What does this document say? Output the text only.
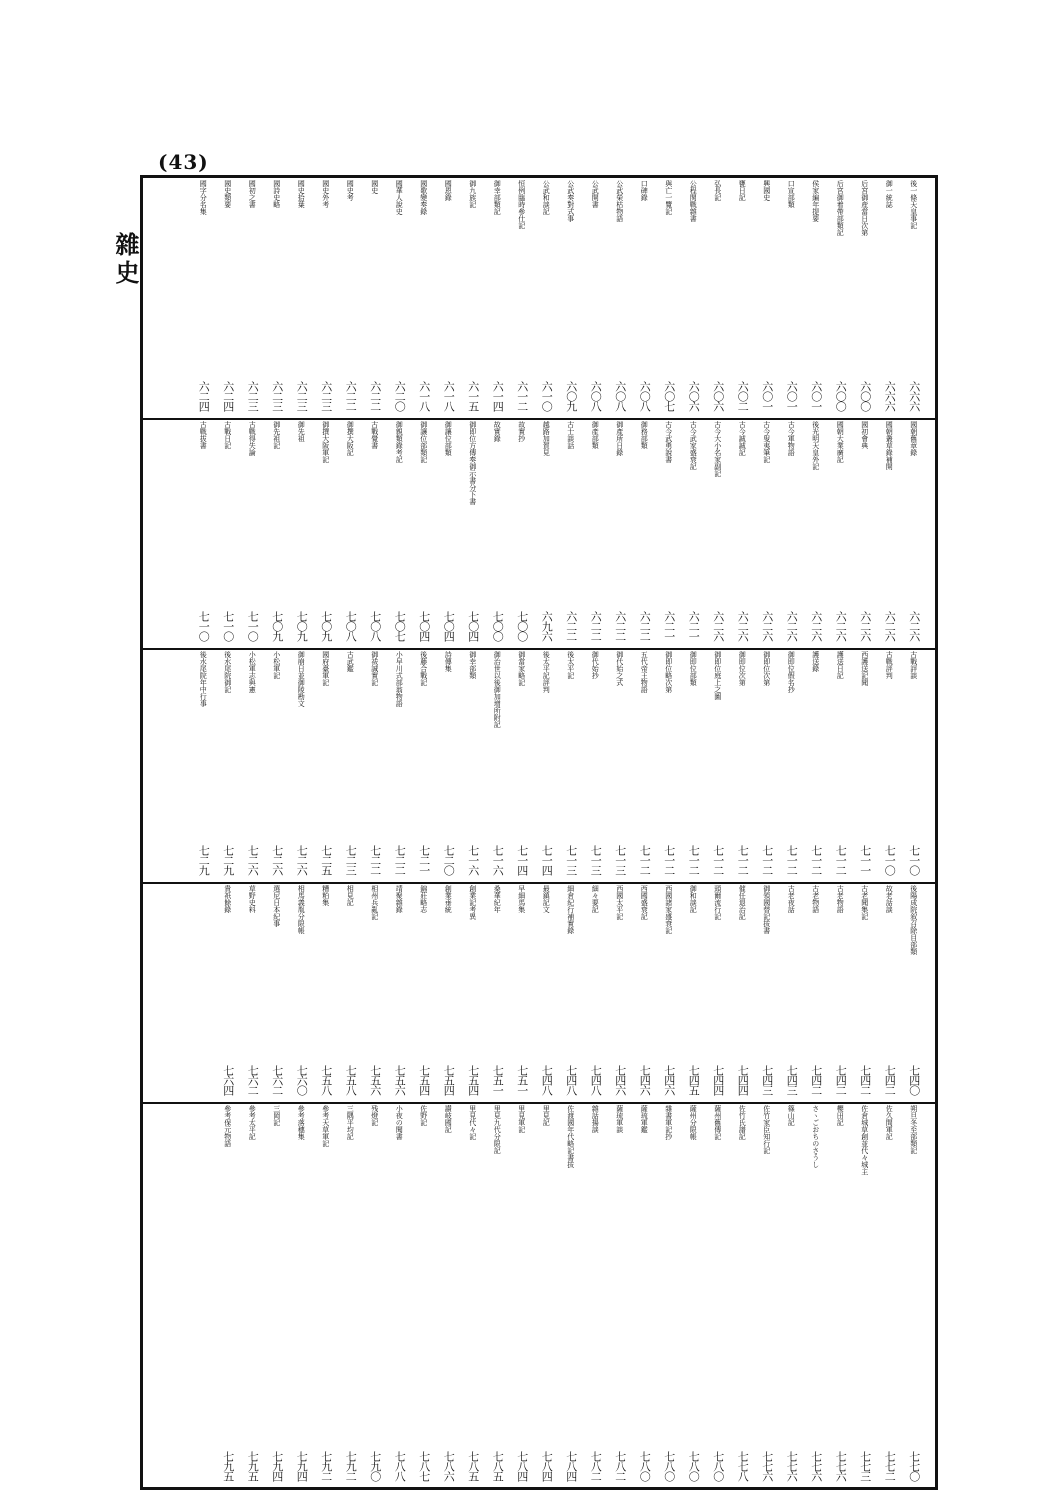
(43)
雜史
後一條天皇事記
六六六
御一統誌
六六六
后宮御産當日次第
六〇〇
后宮御着帶部類記
六〇〇
侯家編年提要
六〇一
口宣部類
六〇一
興國史
六〇一
甕日記
六〇二
弘長記
六〇六
公程関戰雜書
六〇六
與亡一覽記
六〇七
口碑錄
六〇八
公武榮枯物語
六〇八
公武開書
六〇八
公武奏對式事
六〇九
公武和談記
六一〇
恒例臨時參仕記
六一二
御幸部類記
六一四
御九族記
六一五
國恩錄
六一八
國歌變奏錄
六一八
國華人說史
六二〇
國史
六二二
國史考
六二二
國史外考
六二三
國史拾葉
六二三
國詩史略
六二三
國初之書
六二三
國史類要
六二四
國字分名集
六二四
國朝舊章錄
六二六
國朝叢草錄補開
六二六
國初會典
六二六
國朝大業廣記
六二六
後光明天皇外記
六二六
古今軍物語
六二六
古今叟夷筆記
六二六
古今誠誠記
六二六
古今大小名家副記
六二六
古今武家盛衰記
六二一
古今武勇說書
六二一
御務部類
六二二
御產所日錄
六二二
御產部類
六二二
古士談話
六二二
越路加賀見
六九六
故實抄
七〇〇
故實錄
七〇〇
御即位方傳奏御示書分下書
七〇四
御讓位部類
七〇四
御讓位部類記
七〇四
御親類錄考記
七〇七
古戰覺書
七〇八
御撰大阪記
七〇八
御撰大阪軍記
七〇九
御先祖
七〇九
御先祖記
七〇九
古戰得失論
七一〇
古戰日記
七一〇
古戰拔書
七一〇
古戰評談
七一〇
古戰評判
七一〇
西護送記聞
七一一
護送日記
七一二
護送錄
七一二
御即位假名抄
七一二
御即位次第
七一二
御即位次第
七一二
御即位庭上之圖
七一二
御即位部類
七一二
御即位略次第
七一二
五代帝王物語
七一二
御代始之式
七一三
御代始抄
七一三
後太平記
七一三
後太平記評判
七一四
御當家略記
七一四
御治世以後御加增所附記
七一六
御幸部類
七一六
詩傳集
七二〇
後藤合戰記
七二一
小早川式部翁物語
七二二
御祓誠實記
七二二
古武鑑
七二三
國府臺軍記
七二五
御崩日並御陵勘文
七二六
小松軍記
七二六
小松軍志與憲
七二六
後水尾院御記
七二九
後水尾院年中行事
七二九
後陽成院叙召除目部類
七四〇
故老話談
七四二
古老聞集記
七四二
古老物語
七四二
古老物語
七四二
古老夜話
七四三
御領國替記拔書
七四三
催任退治記
七四四
頭爾流行記
七四四
御和談記
七四五
西國諸家盛衰記
七四六
西國盛衰記
七四六
西國太平記
七四六
細々要記
七四八
細倉紀行補實錄
七四八
最鎮記文
七四八
早細馬集
七五一
桑華紀年
七五一
創業記考異
七五四
創業垂統
七五四
錦莊略志
七五四
靖聚雜錄
七五六
相州兵亂記
七五六
相見記
七五八
糟粕集
七五八
相馬義胤分限帳
七六〇
選尼日本紀事
七六二
草野史料
七六二
貴祇餘錄
七六四
朔旦冬至部類記
七七〇
佐久間軍記
七七二
佐倉城草創並代々城主
七七三
櫻田記
七七六
さヽごおちのさうし
七七六
篠山記
七七六
佐竹家臣知行記
七七六
佐竹氏譜記
七七八
薩州舊傳記
七八〇
薩州分限帳
七八〇
雜書軍記抄
七八〇
薩琉軍鑑
七八〇
薩琉軍談
七八二
雜話揚談
七八二
佐渡國年代略記書拔
七八四
里見記
七八四
里見軍記
七八四
里見九代分限記
七八五
里見代々記
七八五
讃岐國記
七八六
佐野記
七八七
小夜の聞書
七八八
残燈記
七九〇
三隅平均記
七九二
參考天草軍記
七九二
參考落穗集
七九四
三岡記
七九四
參考太平記
七九五
參考保元物語
七九五
